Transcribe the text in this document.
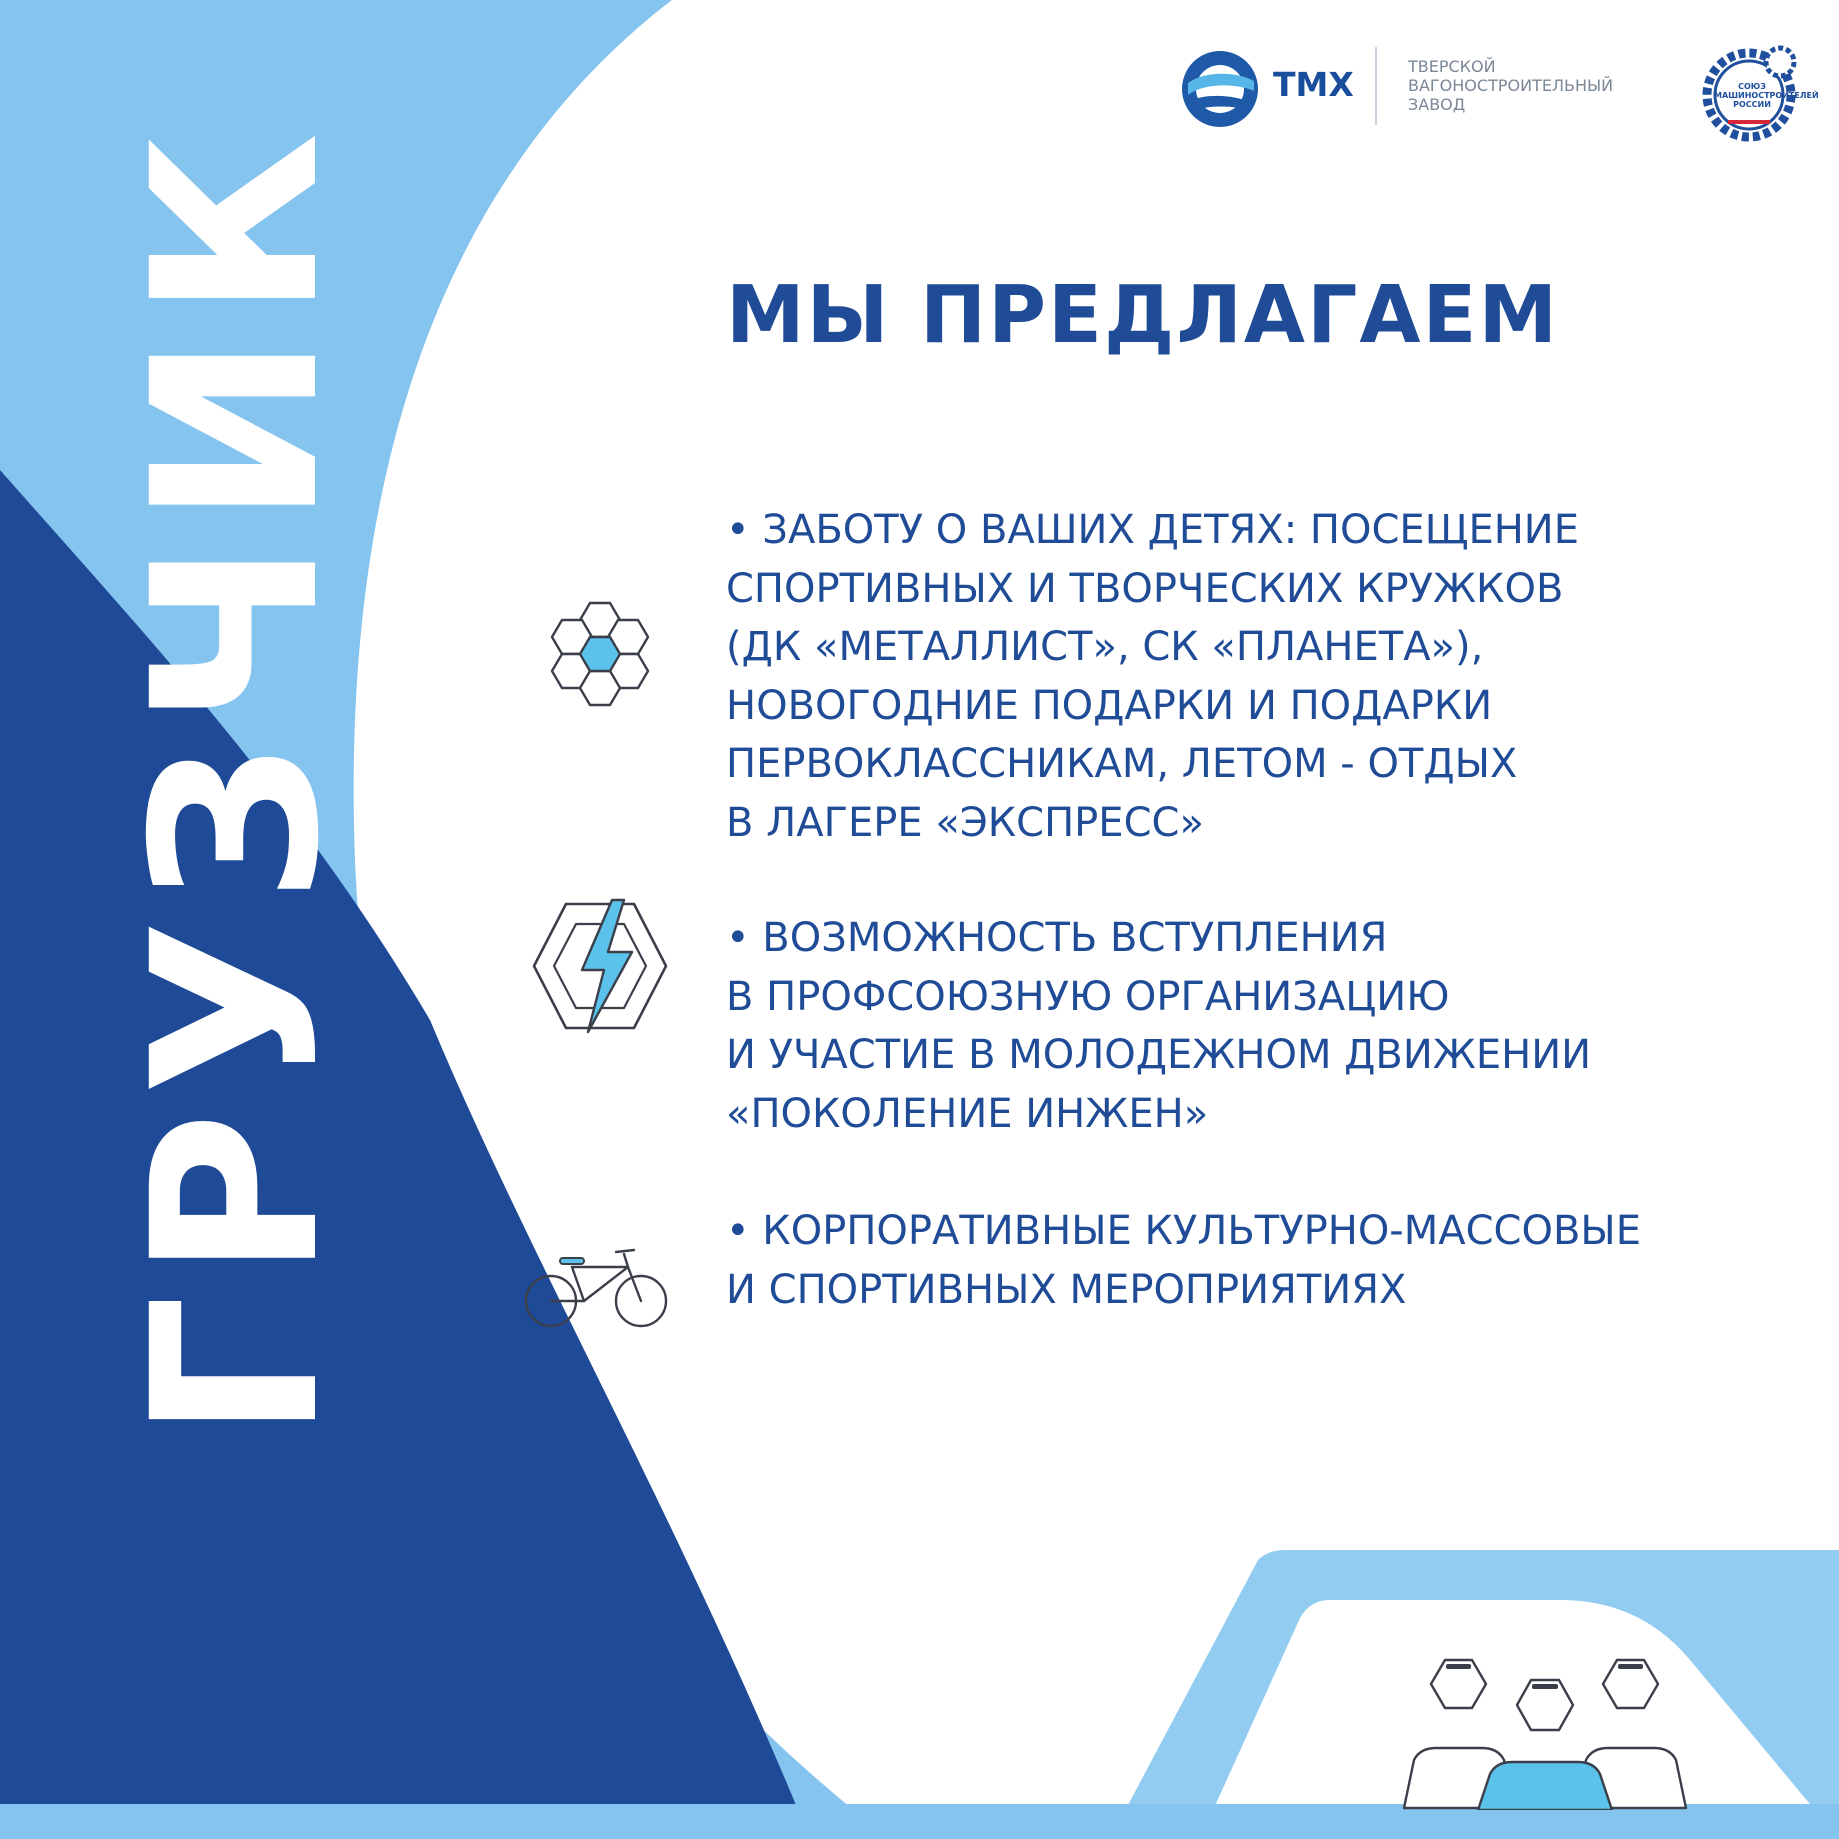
ГРУЗЧИК
ТМХ	ТВЕРСКОЙ
ВАГОНОСТРОИТЕЛЬНЫЙ
ЗАВОД
СОЮЗ
МАШИНОСТРОИТЕЛЕЙ
РОССИИ
МЫ ПРЕДЛАГАЕМ

• ЗАБОТУ О ВАШИХ ДЕТЯХ: ПОСЕЩЕНИЕ
СПОРТИВНЫХ И ТВОРЧЕСКИХ КРУЖКОВ
(ДК «МЕТАЛЛИСТ», СК «ПЛАНЕТА»),
НОВОГОДНИЕ ПОДАРКИ И ПОДАРКИ
ПЕРВОКЛАССНИКАМ, ЛЕТОМ - ОТДЫХ
В ЛАГЕРЕ «ЭКСПРЕСС»

• ВОЗМОЖНОСТЬ ВСТУПЛЕНИЯ
В ПРОФСОЮЗНУЮ ОРГАНИЗАЦИЮ
И УЧАСТИЕ В МОЛОДЕЖНОМ ДВИЖЕНИИ
«ПОКОЛЕНИЕ ИНЖЕН»

• КОРПОРАТИВНЫЕ КУЛЬТУРНО-МАССОВЫЕ
И СПОРТИВНЫХ МЕРОПРИЯТИЯХ
